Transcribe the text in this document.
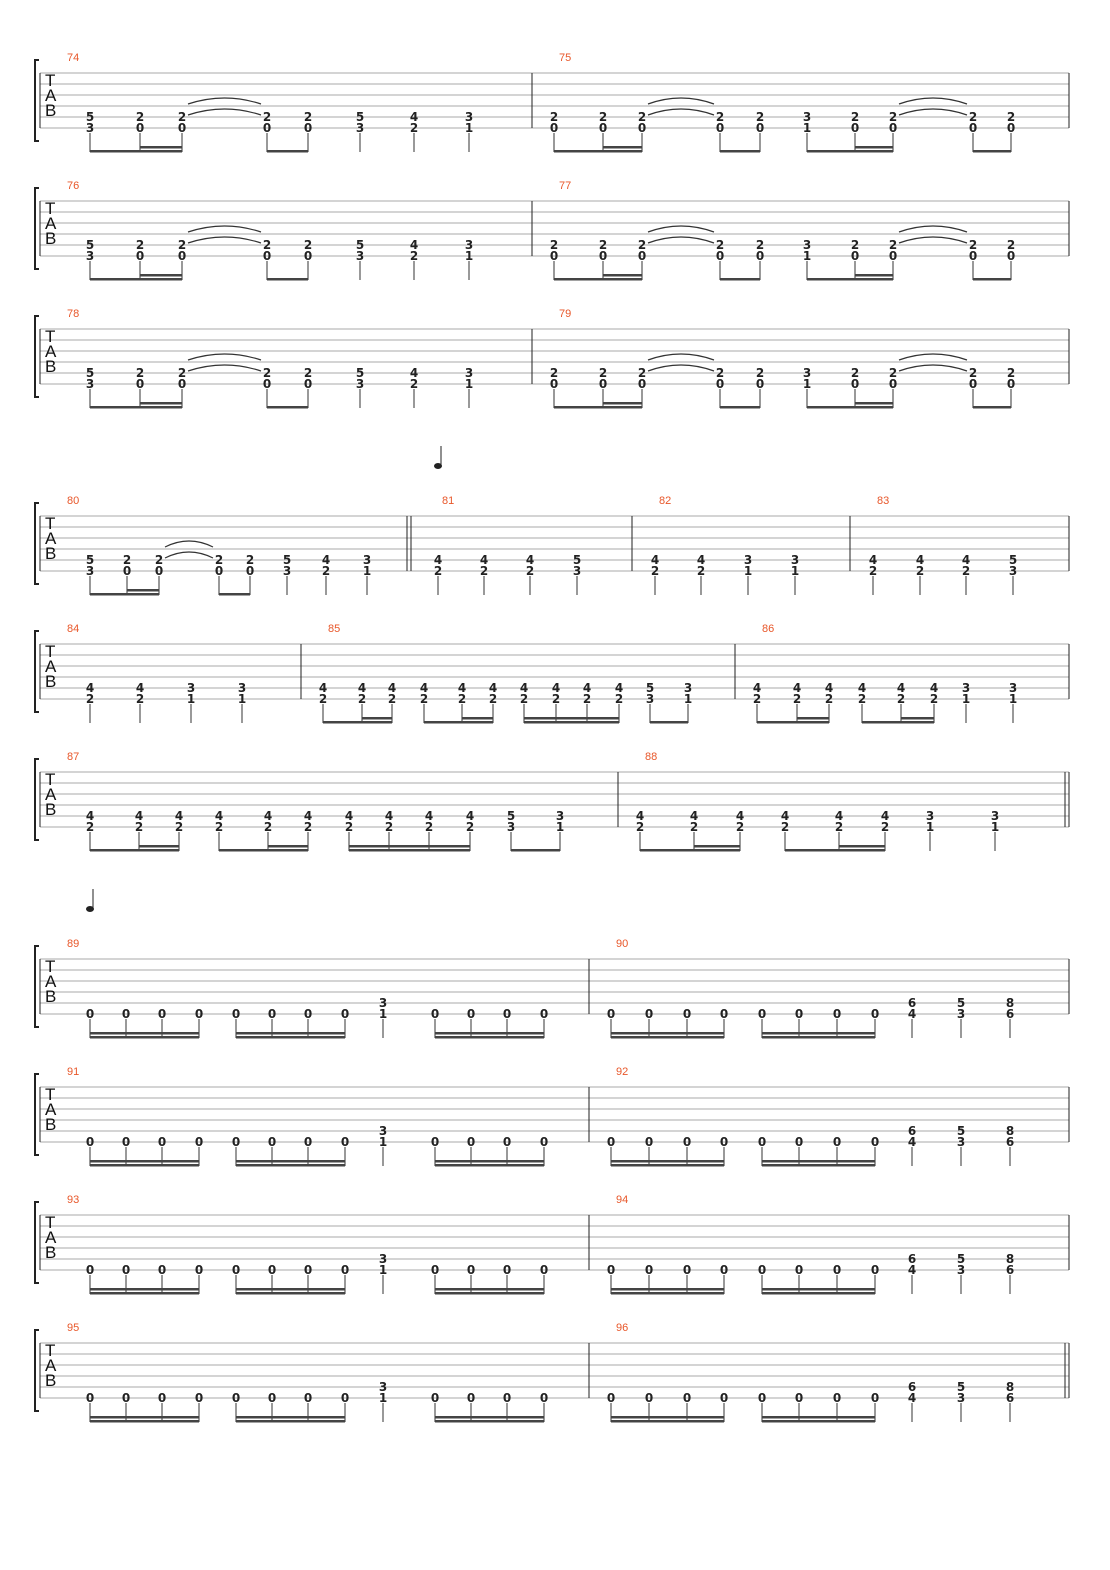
T
A
B
74
5
3
2
0
2
0
2
0
2
0
5
3
4
2
3
1
75
2
0
2
0
2
0
2
0
2
0
3
1
2
0
2
0
2
0
2
0
T
A
B
76
5
3
2
0
2
0
2
0
2
0
5
3
4
2
3
1
77
2
0
2
0
2
0
2
0
2
0
3
1
2
0
2
0
2
0
2
0
T
A
B
78
5
3
2
0
2
0
2
0
2
0
5
3
4
2
3
1
79
2
0
2
0
2
0
2
0
2
0
3
1
2
0
2
0
2
0
2
0
T
A
B
80
5
3
2
0
2
0
2
0
2
0
5
3
4
2
3
1
81
4
2
4
2
4
2
5
3
82
4
2
4
2
3
1
3
1
83
4
2
4
2
4
2
5
3
T
A
B
84
4
2
4
2
3
1
3
1
85
4
2
4
2
4
2
4
2
4
2
4
2
4
2
4
2
4
2
4
2
5
3
3
1
86
4
2
4
2
4
2
4
2
4
2
4
2
3
1
3
1
T
A
B
87
4
2
4
2
4
2
4
2
4
2
4
2
4
2
4
2
4
2
4
2
5
3
3
1
88
4
2
4
2
4
2
4
2
4
2
4
2
3
1
3
1
T
A
B
89
0 0 0 0 0 0 0 0
3
1	0 0 0 0
90
0 0 0 0 0 0 0 0
6
4
5
3
8
6
T
A
B
91
0 0 0 0 0 0 0 0
3
1	0 0 0 0
92
0 0 0 0 0 0 0 0
6
4
5
3
8
6
T
A
B
93
0 0 0 0 0 0 0 0
3
1	0 0 0 0
94
0 0 0 0 0 0 0 0
6
4
5
3
8
6
T
A
B
95
0 0 0 0 0 0 0 0
3
1	0 0 0 0
96
0 0 0 0 0 0 0 0
6
4
5
3
8
6
